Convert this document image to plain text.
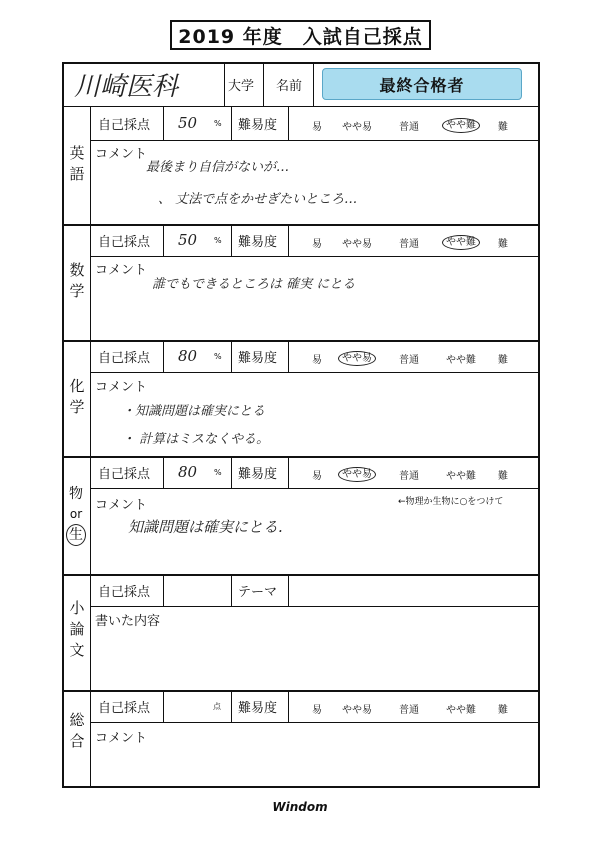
2019 年度　入試自己採点
川崎医科	大学 名前	最終合格者
英語
自己採点 50 % 難易度	易	やや易	普通	やや難	難
コメント
最後まり自信がないが…
、 丈法で点をかせぎたいところ…
数学
自己採点 50 % 難易度	易	やや易	普通	やや難	難
コメント
誰でもできるところは 確実 にとる
化学
自己採点 80 % 難易度	易	やや易	普通	やや難	難
コメント
・知識問題は確実にとる
・ 計算はミスなくやる。
物
or
生
自己採点 80 % 難易度	易	やや易	普通	やや難	難
コメント	←物理か生物に○をつけて
知識問題は確実にとる.
小論文
自己採点	テーマ
書いた内容
総合
自己採点	点 難易度	易	やや易	普通	やや難	難
コメント
Windom
